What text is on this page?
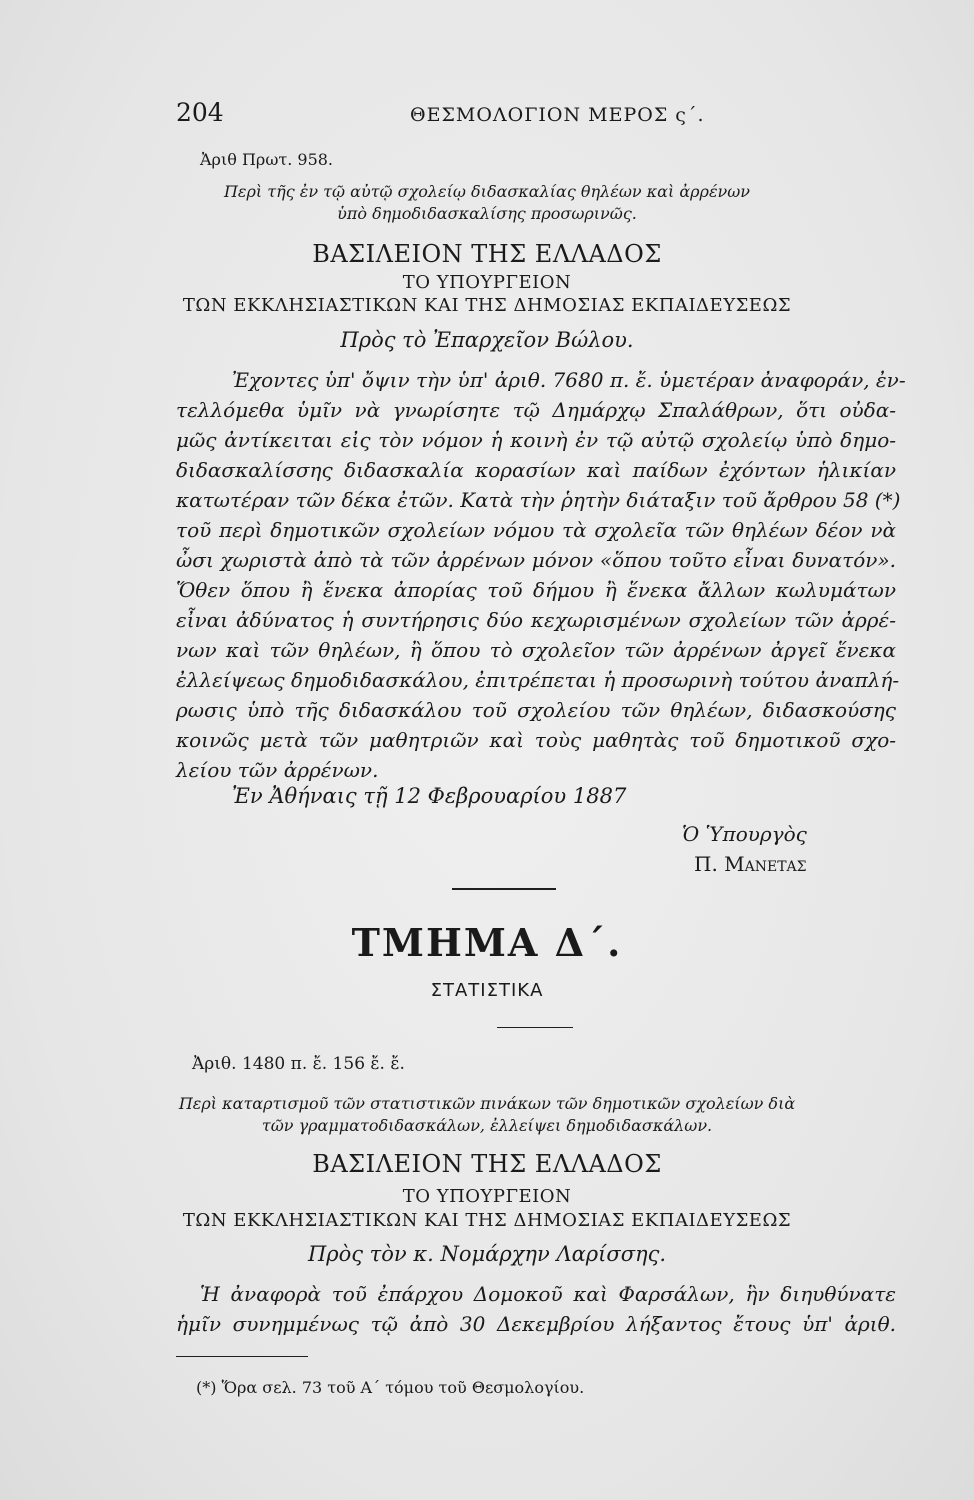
204	ΘΕΣΜΟΛΟΓΙΟΝ ΜΕΡΟΣ ς΄.
Ἀριθ Πρωτ. 958.
Περὶ τῆς ἐν τῷ αὐτῷ σχολείῳ διδασκαλίας θηλέων καὶ ἀρρένων
ὑπὸ δημοδιδασκαλίσης προσωρινῶς.
ΒΑΣΙΛΕΙΟΝ ΤΗΣ ΕΛΛΑΔΟΣ
ΤΟ ΥΠΟΥΡΓΕΙΟΝ
ΤΩΝ ΕΚΚΛΗΣΙΑΣΤΙΚΩΝ ΚΑΙ ΤΗΣ ΔΗΜΟΣΙΑΣ ΕΚΠΑΙΔΕΥΣΕΩΣ
Πρὸς τὸ Ἐπαρχεῖον Βώλου.
Ἐχοντες ὑπ' ὄψιν τὴν ὑπ' ἀριθ. 7680 π. ἔ. ὑμετέραν ἀναφοράν, ἐν-
τελλόμεθα ὑμῖν νὰ γνωρίσητε τῷ Δημάρχῳ Σπαλάθρων, ὅτι οὐδα-
μῶς ἀντίκειται εἰς τὸν νόμον ἡ κοινὴ ἐν τῷ αὐτῷ σχολείῳ ὑπὸ δημο-
διδασκαλίσσης διδασκαλία κορασίων καὶ παίδων ἐχόντων ἡλικίαν
κατωτέραν τῶν δέκα ἐτῶν. Κατὰ τὴν ῥητὴν διάταξιν τοῦ ἄρθρου 58 (*)
τοῦ περὶ δημοτικῶν σχολείων νόμου τὰ σχολεῖα τῶν θηλέων δέον νὰ
ὦσι χωριστὰ ἀπὸ τὰ τῶν ἀρρένων μόνον «ὅπου τοῦτο εἶναι δυνατόν».
Ὅθεν ὅπου ἢ ἕνεκα ἀπορίας τοῦ δήμου ἢ ἕνεκα ἄλλων κωλυμάτων
εἶναι ἀδύνατος ἡ συντήρησις δύο κεχωρισμένων σχολείων τῶν ἀρρέ-
νων καὶ τῶν θηλέων, ἢ ὅπου τὸ σχολεῖον τῶν ἀρρένων ἀργεῖ ἕνεκα
ἐλλείψεως δημοδιδασκάλου, ἐπιτρέπεται ἡ προσωρινὴ τούτου ἀναπλή-
ρωσις ὑπὸ τῆς διδασκάλου τοῦ σχολείου τῶν θηλέων, διδασκούσης
κοινῶς μετὰ τῶν μαθητριῶν καὶ τοὺς μαθητὰς τοῦ δημοτικοῦ σχο-
λείου τῶν ἀρρένων.
Ἐν Ἀθήναις τῇ 12 Φεβρουαρίου 1887
Ὁ Ὑπουργὸς
Π. Μανετασ
ΤΜΗΜΑ Δ΄.
ΣΤΑΤΙΣΤΙΚΑ
Ἀριθ. 1480 π. ἔ. 156 ἔ. ἔ.
Περὶ καταρτισμοῦ τῶν στατιστικῶν πινάκων τῶν δημοτικῶν σχολείων διὰ
τῶν γραμματοδιδασκάλων, ἐλλείψει δημοδιδασκάλων.
ΒΑΣΙΛΕΙΟΝ ΤΗΣ ΕΛΛΑΔΟΣ
ΤΟ ΥΠΟΥΡΓΕΙΟΝ
ΤΩΝ ΕΚΚΛΗΣΙΑΣΤΙΚΩΝ ΚΑΙ ΤΗΣ ΔΗΜΟΣΙΑΣ ΕΚΠΑΙΔΕΥΣΕΩΣ
Πρὸς τὸν κ. Νομάρχην Λαρίσσης.
Ἡ ἀναφορὰ τοῦ ἐπάρχου Δομοκοῦ καὶ Φαρσάλων, ἣν διηυθύνατε
ἡμῖν συνημμένως τῷ ἀπὸ 30 Δεκεμβρίου λήξαντος ἔτους ὑπ' ἀριθ.
(*) Ὅρα σελ. 73 τοῦ Α΄ τόμου τοῦ Θεσμολογίου.
